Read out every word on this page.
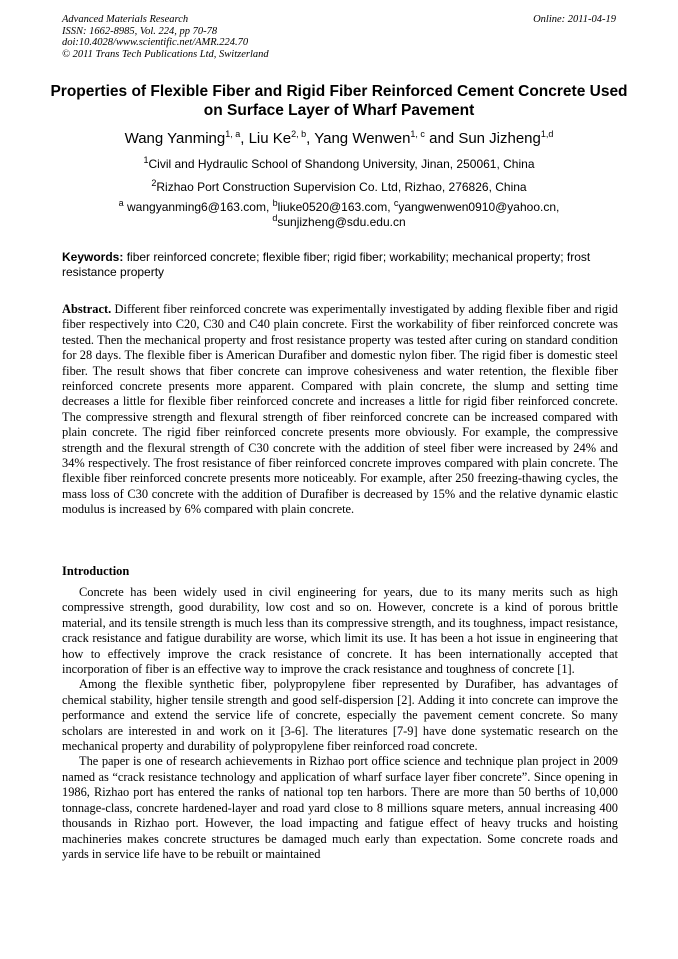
Advanced Materials Research
ISSN: 1662-8985, Vol. 224, pp 70-78
doi:10.4028/www.scientific.net/AMR.224.70
© 2011 Trans Tech Publications Ltd, Switzerland
Online: 2011-04-19
Properties of Flexible Fiber and Rigid Fiber Reinforced Cement Concrete Used on Surface Layer of Wharf Pavement
Wang Yanming$^{1, a}$, Liu Ke$^{2, b}$, Yang Wenwen$^{1, c}$ and Sun Jizheng$^{1,d}$
$^1$Civil and Hydraulic School of Shandong University, Jinan, 250061, China
$^2$Rizhao Port Construction Supervision Co. Ltd, Rizhao, 276826, China
$^a$ wangyanming6@163.com, $^b$liuke0520@163.com, $^c$yangwenwen0910@yahoo.cn,
$^d$sunjizheng@sdu.edu.cn
Keywords: fiber reinforced concrete; flexible fiber; rigid fiber; workability; mechanical property; frost resistance property
Abstract. Different fiber reinforced concrete was experimentally investigated by adding flexible fiber and rigid fiber respectively into C20, C30 and C40 plain concrete. First the workability of fiber reinforced concrete was tested. Then the mechanical property and frost resistance property was tested after curing on standard condition for 28 days. The flexible fiber is American Durafiber and domestic nylon fiber. The rigid fiber is domestic steel fiber. The result shows that fiber concrete can improve cohesiveness and water retention, the flexible fiber reinforced concrete presents more apparent. Compared with plain concrete, the slump and setting time decreases a little for flexible fiber reinforced concrete and increases a little for rigid fiber reinforced concrete. The compressive strength and flexural strength of fiber reinforced concrete can be increased compared with plain concrete. The rigid fiber reinforced concrete presents more obviously. For example, the compressive strength and the flexural strength of C30 concrete with the addition of steel fiber were increased by 24% and 34% respectively. The frost resistance of fiber reinforced concrete improves compared with plain concrete. The flexible fiber reinforced concrete presents more noticeably. For example, after 250 freezing-thawing cycles, the mass loss of C30 concrete with the addition of Durafiber is decreased by 15% and the relative dynamic elastic modulus is increased by 6% compared with plain concrete.
Introduction

Concrete has been widely used in civil engineering for years, due to its many merits such as high compressive strength, good durability, low cost and so on. However, concrete is a kind of porous brittle material, and its tensile strength is much less than its compressive strength, and its toughness, impact resistance, crack resistance and fatigue durability are worse, which limit its use. It has been a hot issue in engineering that how to effectively improve the crack resistance of concrete. It has been internationally accepted that incorporation of fiber is an effective way to improve the crack resistance and toughness of concrete [1].

Among the flexible synthetic fiber, polypropylene fiber represented by Durafiber, has advantages of chemical stability, higher tensile strength and good self-dispersion [2]. Adding it into concrete can improve the performance and extend the service life of concrete, especially the pavement cement concrete. So many scholars are interested in and work on it [3-6]. The literatures [7-9] have done systematic research on the mechanical property and durability of polypropylene fiber reinforced road concrete.

The paper is one of research achievements in Rizhao port office science and technique plan project in 2009 named as “crack resistance technology and application of wharf surface layer fiber concrete”. Since opening in 1986, Rizhao port has entered the ranks of national top ten harbors. There are more than 50 berths of 10,000 tonnage-class, concrete hardened-layer and road yard close to 8 millions square meters, annual increasing 400 thousands in Rizhao port. However, the load impacting and fatigue effect of heavy trucks and hoisting machineries makes concrete structures be damaged much early than expectation. Some concrete roads and yards in service life have to be rebuilt or maintained
